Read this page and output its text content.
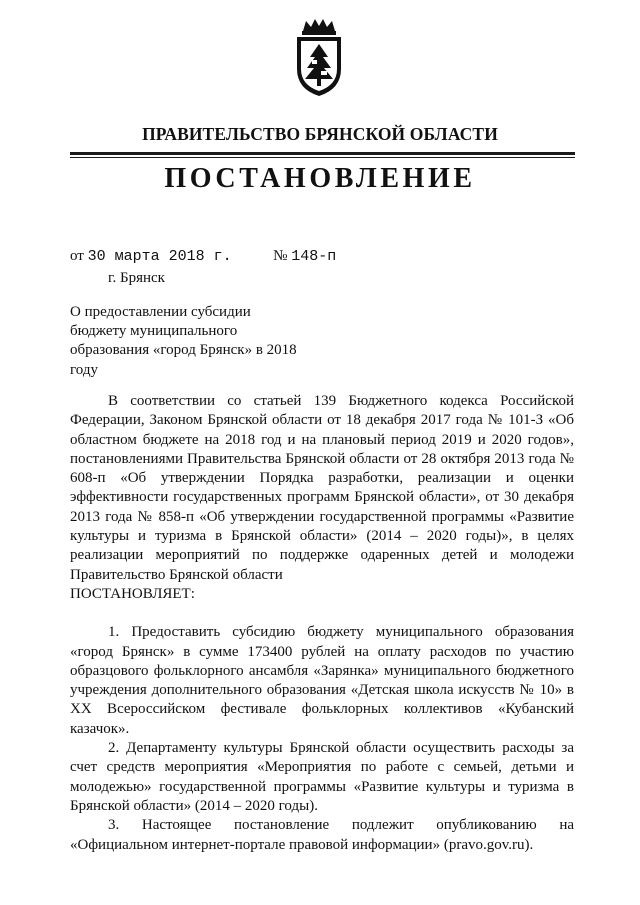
ПРАВИТЕЛЬСТВО БРЯНСКОЙ ОБЛАСТИ
ПОСТАНОВЛЕНИЕ
от 30 марта 2018 г.	№ 148-п
г. Брянск
О предоставлении субсидии бюджету муниципального образования «город Брянск» в 2018 году

В соответствии со статьей 139 Бюджетного кодекса Российской Федерации, Законом Брянской области от 18 декабря 2017 года № 101-З «Об областном бюджете на 2018 год и на плановый период 2019 и 2020 годов», постановлениями Правительства Брянской области от 28 октября 2013 года № 608-п «Об утверждении Порядка разработки, реализации и оценки эффективности государственных программ Брянской области», от 30 декабря 2013 года № 858-п «Об утверждении государственной программы «Развитие культуры и туризма в Брянской области» (2014 – 2020 годы)», в целях реализации мероприятий по поддержке одаренных детей и молодежи Правительство Брянской области

ПОСТАНОВЛЯЕТ:

1. Предоставить субсидию бюджету муниципального образования «город Брянск» в сумме 173400 рублей на оплату расходов по участию образцового фольклорного ансамбля «Зарянка» муниципального бюджетного учреждения дополнительного образования «Детская школа искусств № 10» в XX Всероссийском фестивале фольклорных коллективов «Кубанский казачок».

2. Департаменту культуры Брянской области осуществить расходы за счет средств мероприятия «Мероприятия по работе с семьей, детьми и молодежью» государственной программы «Развитие культуры и туризма в Брянской области» (2014 – 2020 годы).

3. Настоящее постановление подлежит опубликованию на «Официальном интернет-портале правовой информации» (pravo.gov.ru).
